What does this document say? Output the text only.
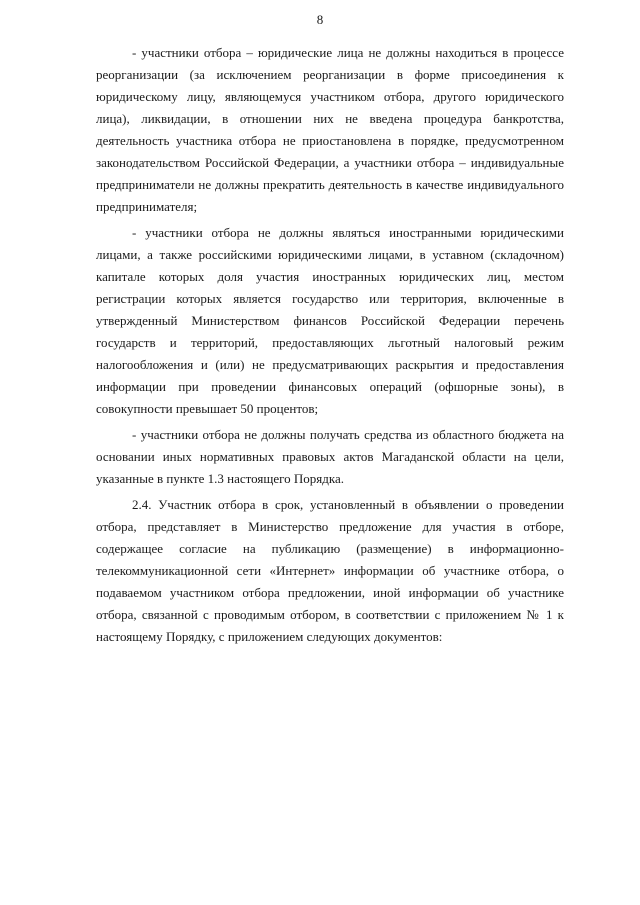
8

- участники отбора – юридические лица не должны находиться в процессе реорганизации (за исключением реорганизации в форме присоединения к юридическому лицу, являющемуся участником отбора, другого юридического лица), ликвидации, в отношении них не введена процедура банкротства, деятельность участника отбора не приостановлена в порядке, предусмотренном законодательством Российской Федерации, а участники отбора – индивидуальные предприниматели не должны прекратить деятельность в качестве индивидуального предпринимателя;

- участники отбора не должны являться иностранными юридическими лицами, а также российскими юридическими лицами, в уставном (складочном) капитале которых доля участия иностранных юридических лиц, местом регистрации которых является государство или территория, включенные в утвержденный Министерством финансов Российской Федерации перечень государств и территорий, предоставляющих льготный налоговый режим налогообложения и (или) не предусматривающих раскрытия и предоставления информации при проведении финансовых операций (офшорные зоны), в совокупности превышает 50 процентов;

- участники отбора не должны получать средства из областного бюджета на основании иных нормативных правовых актов Магаданской области на цели, указанные в пункте 1.3 настоящего Порядка.

2.4. Участник отбора в срок, установленный в объявлении о проведении отбора, представляет в Министерство предложение для участия в отборе, содержащее согласие на публикацию (размещение) в информационно-телекоммуникационной сети «Интернет» информации об участнике отбора, о подаваемом участником отбора предложении, иной информации об участнике отбора, связанной с проводимым отбором, в соответствии с приложением № 1 к настоящему Порядку, с приложением следующих документов:
